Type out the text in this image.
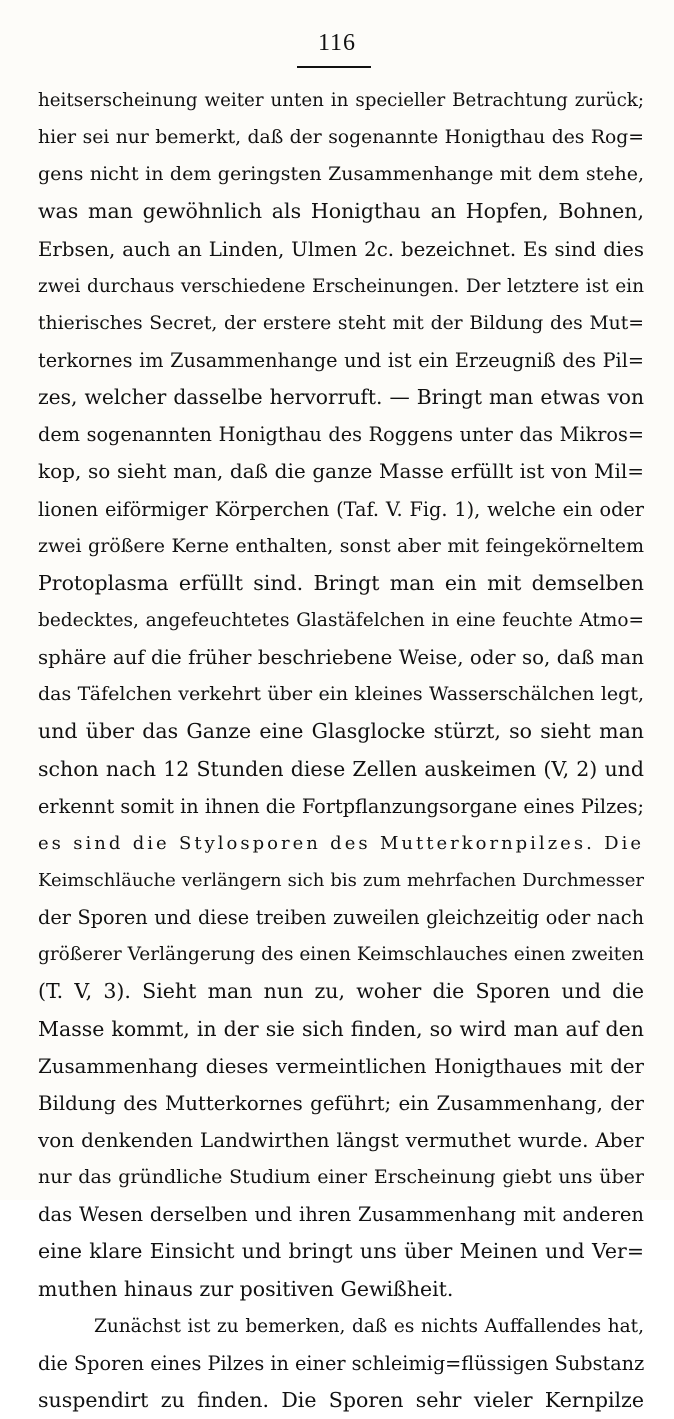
116
heitserscheinung weiter unten in specieller Betrachtung zurück;
hier sei nur bemerkt, daß der sogenannte Honigthau des Rog=
gens nicht in dem geringsten Zusammenhange mit dem stehe,
was man gewöhnlich als Honigthau an Hopfen, Bohnen,
Erbsen, auch an Linden, Ulmen 2c. bezeichnet. Es sind dies
zwei durchaus verschiedene Erscheinungen. Der letztere ist ein
thierisches Secret, der erstere steht mit der Bildung des Mut=
terkornes im Zusammenhange und ist ein Erzeugniß des Pil=
zes, welcher dasselbe hervorruft. — Bringt man etwas von
dem sogenannten Honigthau des Roggens unter das Mikros=
kop, so sieht man, daß die ganze Masse erfüllt ist von Mil=
lionen eiförmiger Körperchen (Taf. V. Fig. 1), welche ein oder
zwei größere Kerne enthalten, sonst aber mit feingekörneltem
Protoplasma erfüllt sind. Bringt man ein mit demselben
bedecktes, angefeuchtetes Glastäfelchen in eine feuchte Atmo=
sphäre auf die früher beschriebene Weise, oder so, daß man
das Täfelchen verkehrt über ein kleines Wasserschälchen legt,
und über das Ganze eine Glasglocke stürzt, so sieht man
schon nach 12 Stunden diese Zellen auskeimen (V, 2) und
erkennt somit in ihnen die Fortpflanzungsorgane eines Pilzes;
es sind die Stylosporen des Mutterkornpilzes. Die
Keimschläuche verlängern sich bis zum mehrfachen Durchmesser
der Sporen und diese treiben zuweilen gleichzeitig oder nach
größerer Verlängerung des einen Keimschlauches einen zweiten
(T. V, 3). Sieht man nun zu, woher die Sporen und die
Masse kommt, in der sie sich finden, so wird man auf den
Zusammenhang dieses vermeintlichen Honigthaues mit der
Bildung des Mutterkornes geführt; ein Zusammenhang, der
von denkenden Landwirthen längst vermuthet wurde. Aber
nur das gründliche Studium einer Erscheinung giebt uns über
das Wesen derselben und ihren Zusammenhang mit anderen
eine klare Einsicht und bringt uns über Meinen und Ver=
muthen hinaus zur positiven Gewißheit.
Zunächst ist zu bemerken, daß es nichts Auffallendes hat,
die Sporen eines Pilzes in einer schleimig=flüssigen Substanz
suspendirt zu finden. Die Sporen sehr vieler Kernpilze
